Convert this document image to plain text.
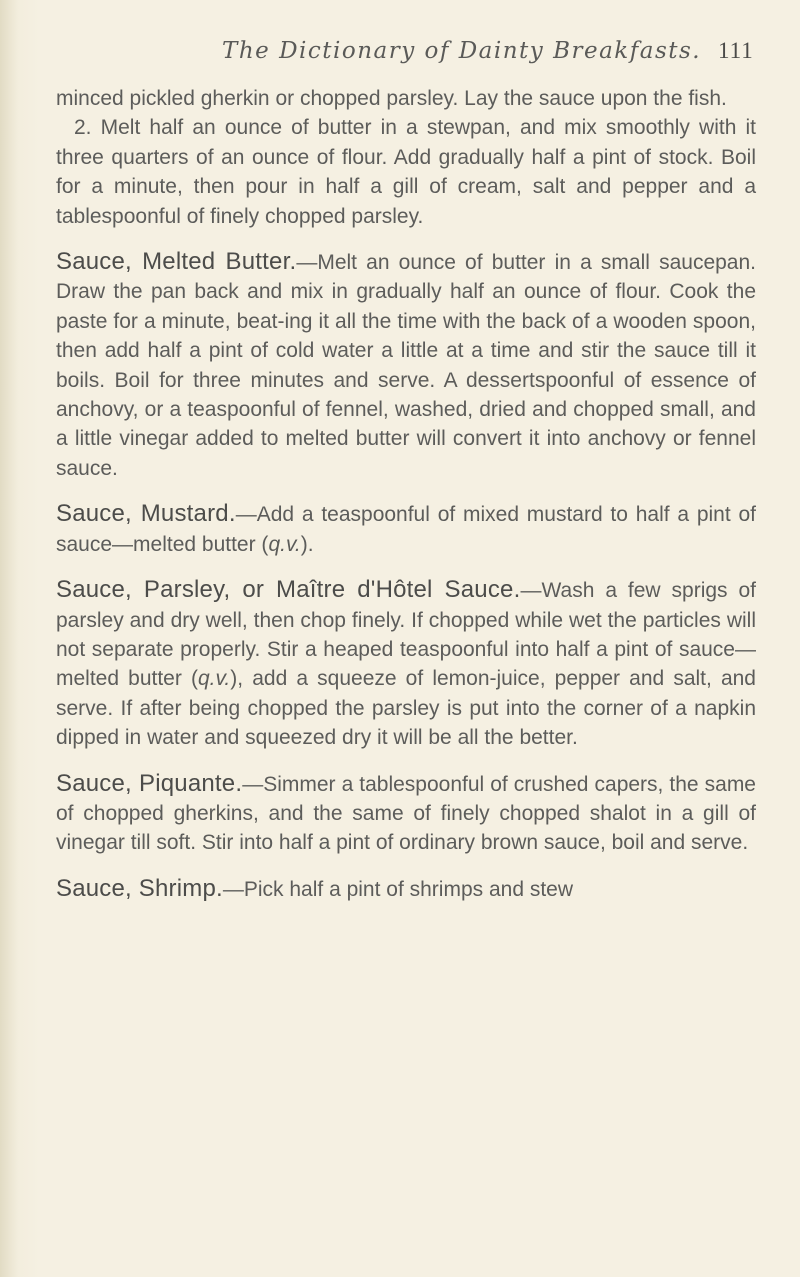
The Dictionary of Dainty Breakfasts. 111

minced pickled gherkin or chopped parsley. Lay the sauce upon the fish.

2. Melt half an ounce of butter in a stewpan, and mix smoothly with it three quarters of an ounce of flour. Add gradually half a pint of stock. Boil for a minute, then pour in half a gill of cream, salt and pepper and a tablespoonful of finely chopped parsley.

Sauce, Melted Butter.—Melt an ounce of butter in a small saucepan. Draw the pan back and mix in gradually half an ounce of flour. Cook the paste for a minute, beat-ing it all the time with the back of a wooden spoon, then add half a pint of cold water a little at a time and stir the sauce till it boils. Boil for three minutes and serve. A dessertspoonful of essence of anchovy, or a teaspoonful of fennel, washed, dried and chopped small, and a little vinegar added to melted butter will convert it into anchovy or fennel sauce.

Sauce, Mustard.—Add a teaspoonful of mixed mustard to half a pint of sauce—melted butter (q.v.).

Sauce, Parsley, or Maître d'Hôtel Sauce.—Wash a few sprigs of parsley and dry well, then chop finely. If chopped while wet the particles will not separate properly. Stir a heaped teaspoonful into half a pint of sauce—melted butter (q.v.), add a squeeze of lemon-juice, pepper and salt, and serve. If after being chopped the parsley is put into the corner of a napkin dipped in water and squeezed dry it will be all the better.

Sauce, Piquante.—Simmer a tablespoonful of crushed capers, the same of chopped gherkins, and the same of finely chopped shalot in a gill of vinegar till soft. Stir into half a pint of ordinary brown sauce, boil and serve.

Sauce, Shrimp.—Pick half a pint of shrimps and stew
